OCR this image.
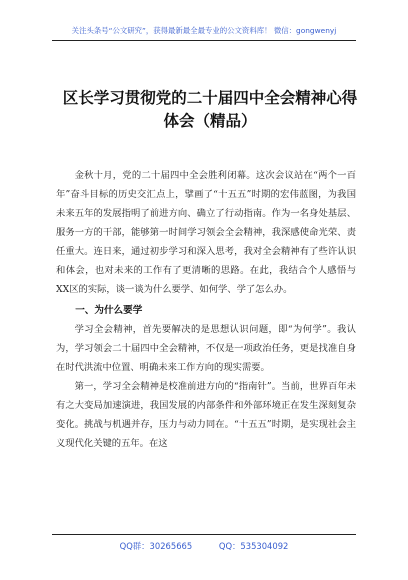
关注头条号“公文研究”，获得最新最全最专业的公文资料库！ 微信：gongwenyj
区长学习贯彻党的二十届四中全会精神心得体会（精品）

金秋十月，党的二十届四中全会胜利闭幕。这次会议站在“两个一百年”奋斗目标的历史交汇点上，擘画了“十五五”时期的宏伟蓝图，为我国未来五年的发展指明了前进方向、确立了行动指南。作为一名身处基层、服务一方的干部，能够第一时间学习领会全会精神，我深感使命光荣、责任重大。连日来，通过初步学习和深入思考，我对全会精神有了些许认识和体会，也对未来的工作有了更清晰的思路。在此，我结合个人感悟与XX区的实际，谈一谈为什么要学、如何学、学了怎么办。

一、为什么要学

学习全会精神，首先要解决的是思想认识问题，即“为何学”。我认为，学习领会二十届四中全会精神，不仅是一项政治任务，更是找准自身在时代洪流中位置、明确未来工作方向的现实需要。

第一，学习全会精神是校准前进方向的“指南针”。当前，世界百年未有之大变局加速演进，我国发展的内部条件和外部环境正在发生深刻复杂变化。挑战与机遇并存，压力与动力同在。“十五五”时期，是实现社会主义现代化关键的五年。在这

QQ群：30265665	QQ：535304092
